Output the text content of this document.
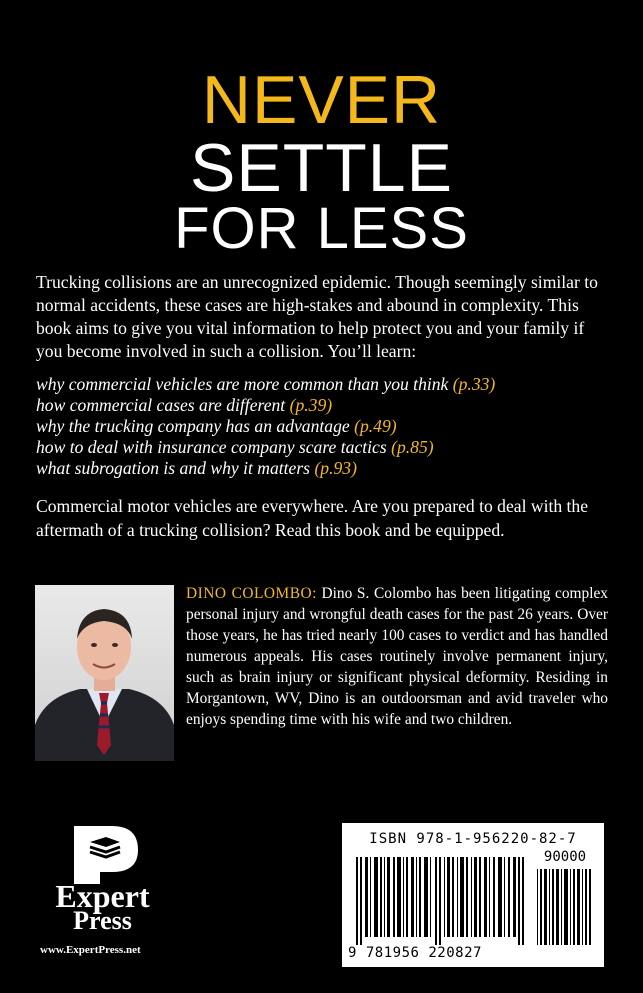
NEVER
SETTLE
FOR LESS
Trucking collisions are an unrecognized epidemic. Though seemingly similar to normal accidents, these cases are high-stakes and abound in complexity. This book aims to give you vital information to help protect you and your family if you become involved in such a collision. You’ll learn:
why commercial vehicles are more common than you think (p.33)
how commercial cases are different (p.39)
why the trucking company has an advantage (p.49)
how to deal with insurance company scare tactics (p.85)
what subrogation is and why it matters (p.93)
Commercial motor vehicles are everywhere. Are you prepared to deal with the aftermath of a trucking collision? Read this book and be equipped.
DINO COLOMBO: Dino S. Colombo has been litigating complex personal injury and wrongful death cases for the past 26 years. Over those years, he has tried nearly 100 cases to verdict and has handled numerous appeals. His cases routinely involve permanent injury, such as brain injury or significant physical deformity. Residing in Morgantown, WV, Dino is an outdoorsman and avid traveler who enjoys spending time with his wife and two children.
Expert
Press
www.ExpertPress.net
ISBN 978-1-956220-82-7
90000
9 781956 220827
